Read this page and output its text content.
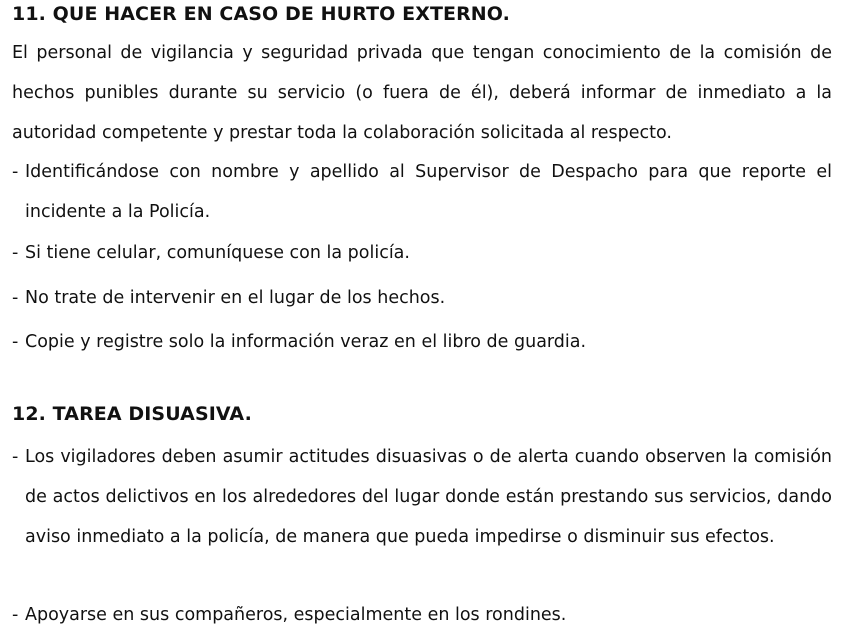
11. QUE HACER EN CASO DE HURTO EXTERNO.

El personal de vigilancia y seguridad privada que tengan conocimiento de la comisión de hechos punibles durante su servicio (o fuera de él), deberá informar de inmediato a la autoridad competente y prestar toda la colaboración solicitada al respecto.

- Identificándose con nombre y apellido al Supervisor de Despacho para que reporte el incidente a la Policía.
- Si tiene celular, comuníquese con la policía.
- No trate de intervenir en el lugar de los hechos.
- Copie y registre solo la información veraz en el libro de guardia.
12. TAREA DISUASIVA.
- Los vigiladores deben asumir actitudes disuasivas o de alerta cuando observen la comisión de actos delictivos en los alrededores del lugar donde están prestando sus servicios, dando aviso inmediato a la policía, de manera que pueda impedirse o disminuir sus efectos.
- Apoyarse en sus compañeros, especialmente en los rondines.
